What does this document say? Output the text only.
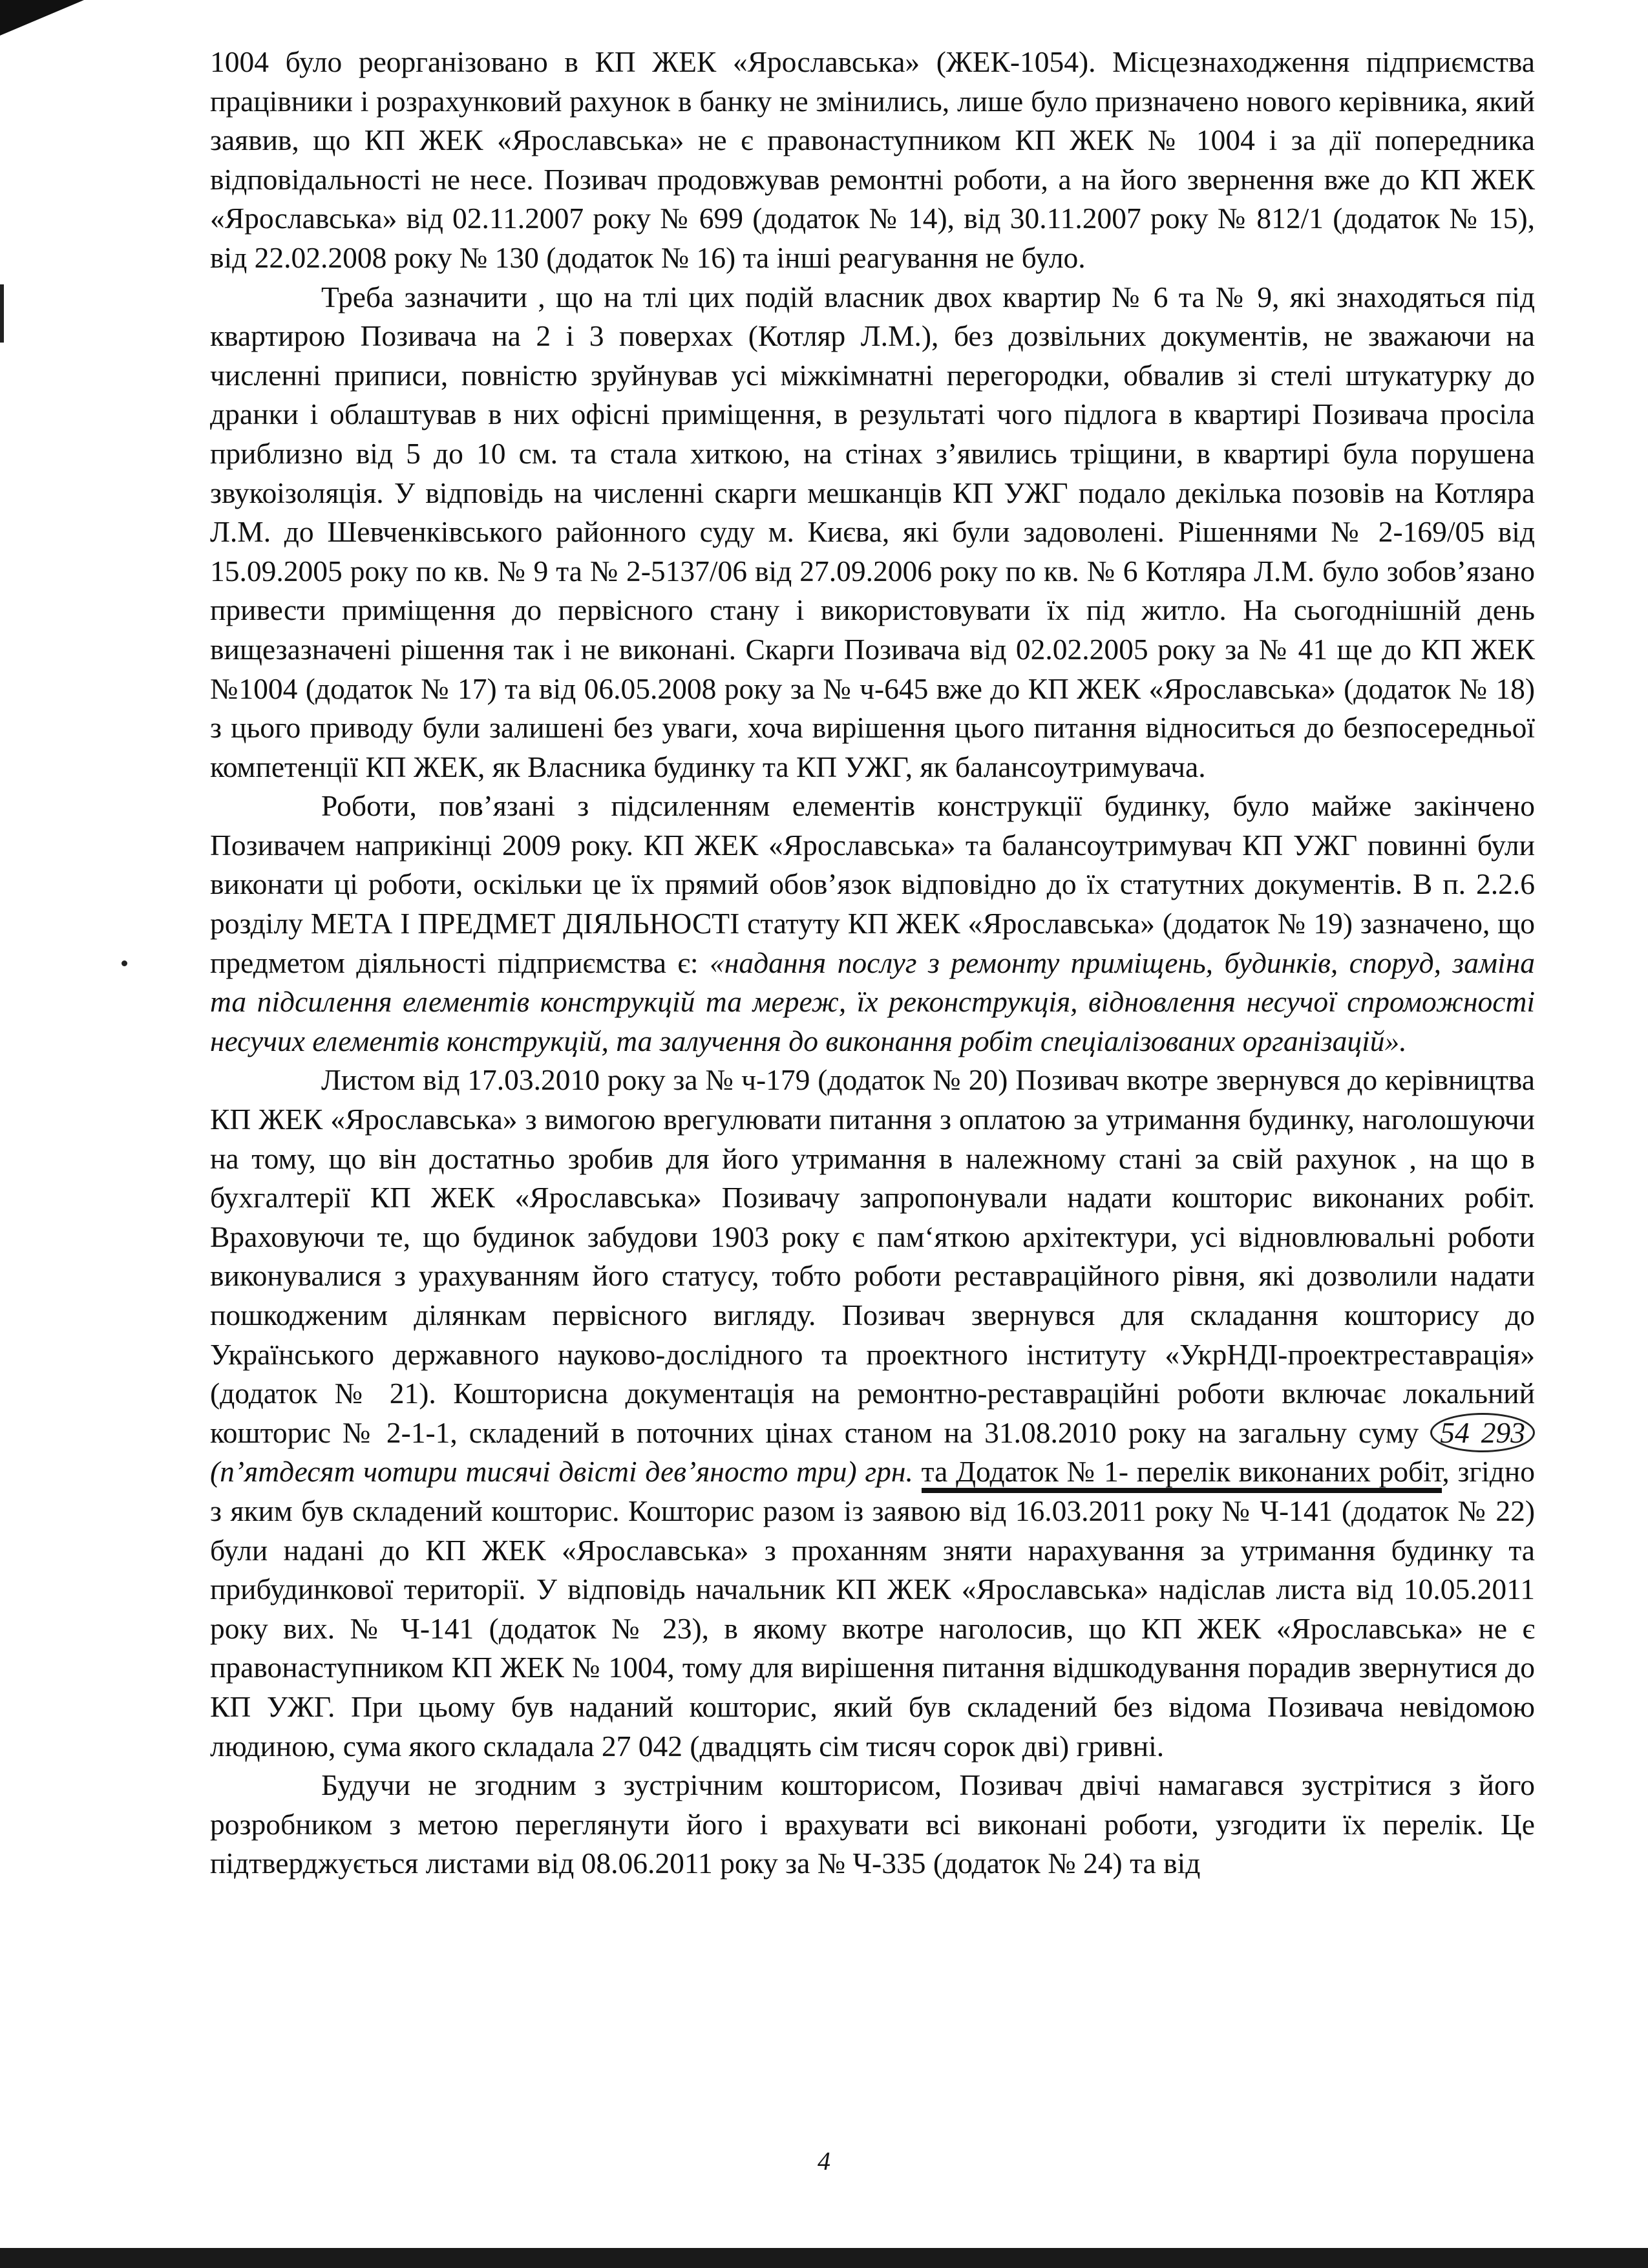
1004 було реорганізовано в КП ЖЕК «Ярославська» (ЖЕК-1054). Місцезнаходження підприємства працівники і розрахунковий рахунок в банку не змінились, лише було призначено нового керівника, який заявив, що КП ЖЕК «Ярославська» не є правонаступником КП ЖЕК № 1004 і за дії попередника відповідальності не несе. Позивач продовжував ремонтні роботи, а на його звернення вже до КП ЖЕК «Ярославська» від 02.11.2007 року № 699 (додаток № 14), від 30.11.2007 року № 812/1 (додаток № 15), від 22.02.2008 року № 130 (додаток № 16) та інші реагування не було.

Треба зазначити , що на тлі цих подій власник двох квартир № 6 та № 9, які знаходяться під квартирою Позивача на 2 і 3 поверхах (Котляр Л.М.), без дозвільних документів, не зважаючи на численні приписи, повністю зруйнував усі міжкімнатні перегородки, обвалив зі стелі штукатурку до дранки і облаштував в них офісні приміщення, в результаті чого підлога в квартирі Позивача просіла приблизно від 5 до 10 см. та стала хиткою, на стінах з’явились тріщини, в квартирі була порушена звукоізоляція. У відповідь на численні скарги мешканців КП УЖГ подало декілька позовів на Котляра Л.М. до Шевченківського районного суду м. Києва, які були задоволені. Рішеннями № 2-169/05 від 15.09.2005 року по кв. № 9 та № 2-5137/06 від 27.09.2006 року по кв. № 6 Котляра Л.М. було зобов’язано привести приміщення до первісного стану і використовувати їх під житло. На сьогоднішній день вищезазначені рішення так і не виконані. Скарги Позивача від 02.02.2005 року за № 41 ще до КП ЖЕК №1004 (додаток № 17) та від 06.05.2008 року за № ч-645 вже до КП ЖЕК «Ярославська» (додаток № 18) з цього приводу були залишені без уваги, хоча вирішення цього питання відноситься до безпосередньої компетенції КП ЖЕК, як Власника будинку та КП УЖГ, як балансоутримувача.

Роботи, пов’язані з підсиленням елементів конструкції будинку, було майже закінчено Позивачем наприкінці 2009 року. КП ЖЕК «Ярославська» та балансоутримувач КП УЖГ повинні були виконати ці роботи, оскільки це їх прямий обов’язок відповідно до їх статутних документів. В п. 2.2.6 розділу МЕТА І ПРЕДМЕТ ДІЯЛЬНОСТІ статуту КП ЖЕК «Ярославська» (додаток № 19) зазначено, що предметом діяльності підприємства є: «надання послуг з ремонту приміщень, будинків, споруд, заміна та підсилення елементів конструкцій та мереж, їх реконструкція, відновлення несучої спроможності несучих елементів конструкцій, та залучення до виконання робіт спеціалізованих організацій».

Листом від 17.03.2010 року за № ч-179 (додаток № 20) Позивач вкотре звернувся до керівництва КП ЖЕК «Ярославська» з вимогою врегулювати питання з оплатою за утримання будинку, наголошуючи на тому, що він достатньо зробив для його утримання в належному стані за свій рахунок , на що в бухгалтерії КП ЖЕК «Ярославська» Позивачу запропонували надати кошторис виконаних робіт. Враховуючи те, що будинок забудови 1903 року є пам‘яткою архітектури, усі відновлювальні роботи виконувалися з урахуванням його статусу, тобто роботи реставраційного рівня, які дозволили надати пошкодженим ділянкам первісного вигляду. Позивач звернувся для складання кошторису до Українського державного науково-дослідного та проектного інституту «УкрНДІ-проектреставрація» (додаток № 21). Кошторисна документація на ремонтно-реставраційні роботи включає локальний кошторис № 2-1-1, складений в поточних цінах станом на 31.08.2010 року на загальну суму 54 293 (п’ятдесят чотири тисячі двісті дев’яносто три) грн. та Додаток № 1- перелік виконаних робіт, згідно з яким був складений кошторис. Кошторис разом із заявою від 16.03.2011 року № Ч-141 (додаток № 22) були надані до КП ЖЕК «Ярославська» з проханням зняти нарахування за утримання будинку та прибудинкової території. У відповідь начальник КП ЖЕК «Ярославська» надіслав листа від 10.05.2011 року вих. № Ч-141 (додаток № 23), в якому вкотре наголосив, що КП ЖЕК «Ярославська» не є правонаступником КП ЖЕК № 1004, тому для вирішення питання відшкодування порадив звернутися до КП УЖГ. При цьому був наданий кошторис, який був складений без відома Позивача невідомою людиною, сума якого складала 27 042 (двадцять сім тисяч сорок дві) гривні.

Будучи не згодним з зустрічним кошторисом, Позивач двічі намагався зустрітися з його розробником з метою переглянути його і врахувати всі виконані роботи, узгодити їх перелік. Це підтверджується листами від 08.06.2011 року за № Ч-335 (додаток № 24) та від

4
